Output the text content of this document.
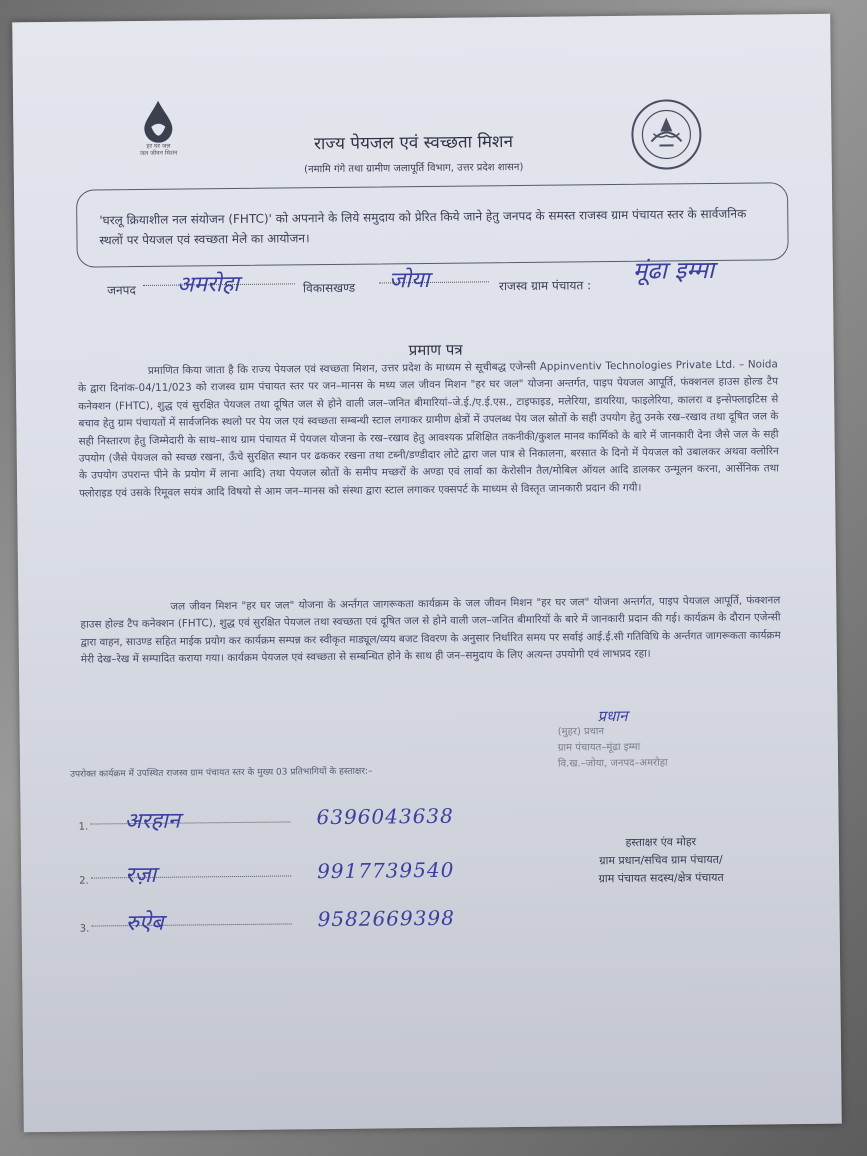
हर घर जल
जल जीवन मिशन	राज्य पेयजल एवं स्वच्छता मिशन
(नमामि गंगे तथा ग्रामीण जलापूर्ति विभाग, उत्तर प्रदेश शासन)
'घरलू क्रियाशील नल संयोजन (FHTC)' को अपनाने के लिये समुदाय को प्रेरित किये जाने हेतु जनपद के समस्त राजस्व ग्राम पंचायत स्तर के सार्वजनिक स्थलों पर पेयजल एवं स्वच्छता मेले का आयोजन।
जनपद अमरोहा	विकासखण्ड जोया	राजस्व ग्राम पंचायत :
मूंढा इम्मा
प्रमाण पत्र
प्रमाणित किया जाता है कि राज्य पेयजल एवं स्वच्छता मिशन, उत्तर प्रदेश के माध्यम से सूचीबद्ध एजेन्सी Appinventiv Technologies Private Ltd. – Noida के द्वारा दिनांक-04/11/023 को राजस्व ग्राम पंचायत स्तर पर जन–मानस के मध्य जल जीवन मिशन "हर घर जल" योजना अन्तर्गत, पाइप पेयजल आपूर्ति, फंक्शनल हाउस होल्ड टैप कनेक्शन (FHTC), शुद्ध एवं सुरक्षित पेयजल तथा दूषित जल से होने वाली जल–जनित बीमारियां–जे.ई./ए.ई.एस., टाइफाइड, मलेरिया, डायरिया, फाइलेरिया, कालरा व इन्सेफ्लाइटिस से बचाव हेतु ग्राम पंचायतों में सार्वजनिक स्थलो पर पेय जल एवं स्वच्छता सम्बन्धी स्टाल लगाकर ग्रामीण क्षेत्रों में उपलब्ध पेय जल स्रोतों के सही उपयोग हेतु उनके रख–रखाव तथा दूषित जल के सही निस्तारण हेतु जिम्मेदारी के साथ–साथ ग्राम पंचायत में पेयजल योजना के रख–रखाव हेतु आवश्यक प्रशिक्षित तकनीकी/कुशल मानव कार्मिको के बारे में जानकारी देना जैसे जल के सही उपयोग (जैसे पेयजल को स्वच्छ रखना, ऊँचे सुरक्षित स्थान पर ढककर रखना तथा टब्नी/डण्डीदार लोटे द्वारा जल पात्र से निकालना, बरसात के दिनो में पेयजल को उबालकर अथवा क्लोरिन के उपयोग उपरान्त पीने के प्रयोग में लाना आदि) तथा पेयजल स्रोतों के समीप मच्छरों के अण्डा एवं लार्वा का केरोसीन तैल/मोबिल ऑयल आदि डालकर उन्मूलन करना, आर्सेनिक तथा फ्लोराइड एवं उसके रिमूवल सयंत्र आदि विषयो से आम जन–मानस को संस्था द्वारा स्टाल लगाकर एक्सपर्ट के माध्यम से विस्तृत जानकारी प्रदान की गयी।
जल जीवन मिशन "हर घर जल" योजना के अर्न्तगत जागरूकता कार्यक्रम के जल जीवन मिशन "हर घर जल" योजना अन्तर्गत, पाइप पेयजल आपूर्ति, फंक्शनल हाउस होल्ड टैप कनेक्शन (FHTC), शुद्ध एवं सुरक्षित पेयजल तथा स्वच्छता एवं दूषित जल से होने वाली जल–जनित बीमारियों के बारे में जानकारी प्रदान की गई। कार्यक्रम के दौरान एजेन्सी द्वारा वाहन, साउण्ड सहित माईक प्रयोग कर कार्यक्रम सम्पन्न कर स्वीकृत माड्यूल/व्यय बजट विवरण के अनुसार निर्धारित समय पर सर्वाइं आई.ई.सी गतिविधि के अर्न्तगत जागरूकता कार्यक्रम मेरी देख–रेख में सम्पादित कराया गया। कार्यक्रम पेयजल एवं स्वच्छता से सम्बन्धित होने के साथ ही जन–समुदाय के लिए अत्यन्त उपयोगी एवं लाभप्रद रहा।
प्रधान
(मुहर) प्रधान
ग्राम पंचायत–मूंढा इम्मा
वि.ख.–जोया, जनपद–अमरोहा
उपरोक्त कार्यक्रम में उपस्थित राजस्व ग्राम पंचायत स्तर के मुख्य 03 प्रतिभागियों के हस्ताक्षर:–
1. अरहान	6396043638
2. रज़ा	9917739540
3. रुऐब	9582669398
हस्ताक्षर एंव मोहर
ग्राम प्रधान/सचिव ग्राम पंचायत/
ग्राम पंचायत सदस्य/क्षेत्र पंचायत
